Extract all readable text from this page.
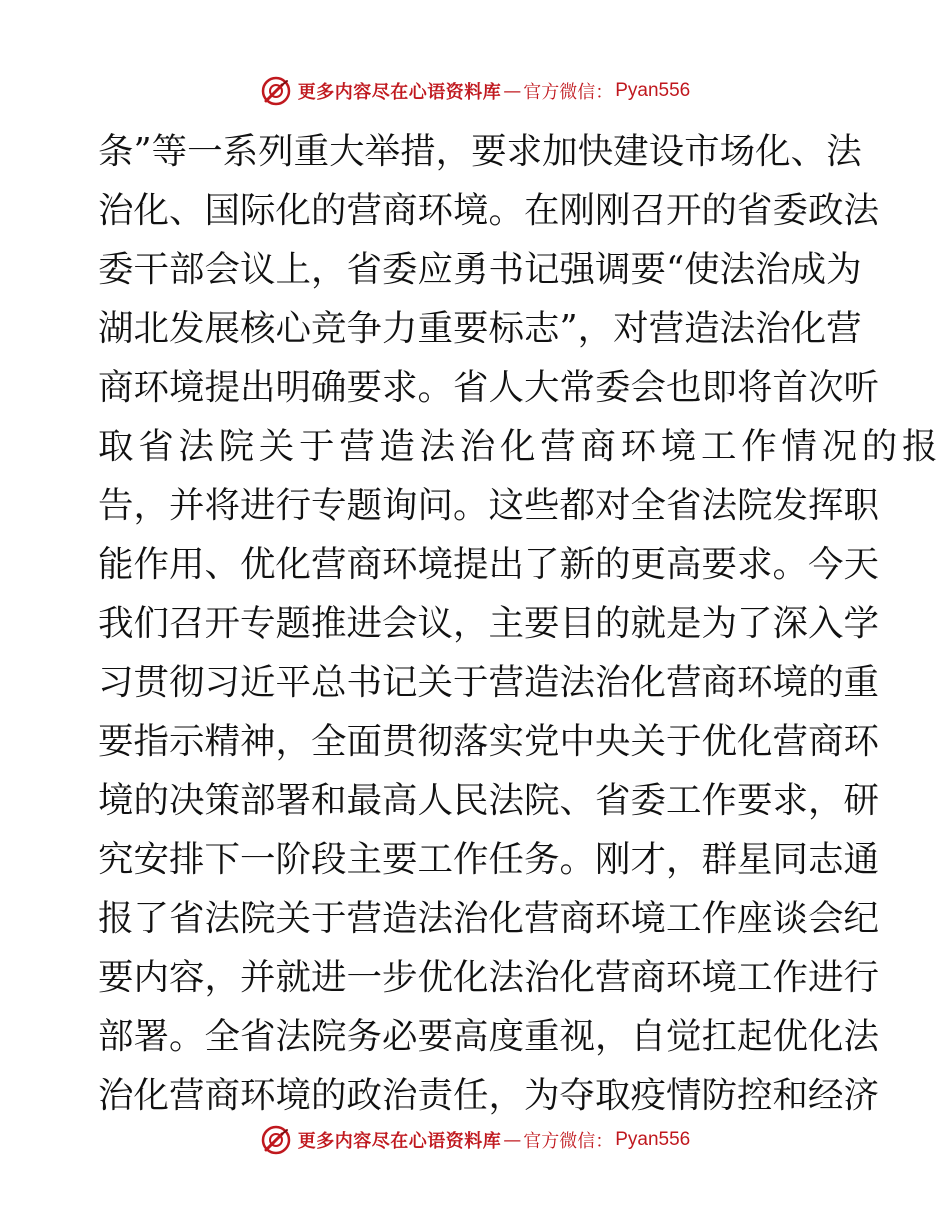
更多内容尽在心语资料库 — 官方微信： Pyan556
条”等一系列重大举措，要求加快建设市场化、法
治化、国际化的营商环境。在刚刚召开的省委政法
委干部会议上，省委应勇书记强调要“使法治成为
湖北发展核心竞争力重要标志”，对营造法治化营
商环境提出明确要求。省人大常委会也即将首次听
取省法院关于营造法治化营商环境工作情况的报
告，并将进行专题询问。这些都对全省法院发挥职
能作用、优化营商环境提出了新的更高要求。今天
我们召开专题推进会议，主要目的就是为了深入学
习贯彻习近平总书记关于营造法治化营商环境的重
要指示精神，全面贯彻落实党中央关于优化营商环
境的决策部署和最高人民法院、省委工作要求，研
究安排下一阶段主要工作任务。刚才，群星同志通
报了省法院关于营造法治化营商环境工作座谈会纪
要内容，并就进一步优化法治化营商环境工作进行
部署。全省法院务必要高度重视，自觉扛起优化法
治化营商环境的政治责任，为夺取疫情防控和经济
更多内容尽在心语资料库 — 官方微信： Pyan556
